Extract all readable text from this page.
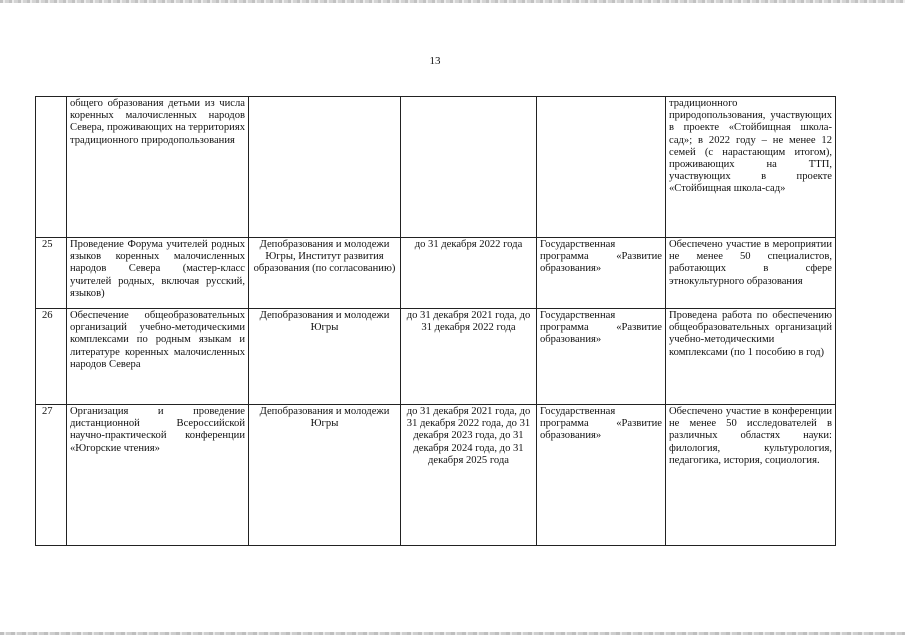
13
	общего образования детьми из числа коренных малочисленных народов Севера, проживающих на территориях традиционного природопользования				традиционного природопользования, участвующих в проекте «Стойбищная школа-сад»; в 2022 году – не менее 12 семей (с нарастающим итогом), проживающих на ТТП, участвующих в проекте «Стойбищная школа-сад»
25	Проведение Форума учителей родных языков коренных малочисленных народов Севера (мастер-класс учителей родных, включая русский, языков)	Депобразования и молодежи Югры, Институт развития образования (по согласованию)	до 31 декабря 2022 года	Государственная программа «Развитие образования»	Обеспечено участие в мероприятии не менее 50 специалистов, работающих в сфере этнокультурного образования
26	Обеспечение общеобразовательных организаций учебно-методическими комплексами по родным языкам и литературе коренных малочисленных народов Севера	Депобразования и молодежи Югры	до 31 декабря 2021 года, до 31 декабря 2022 года	Государственная программа «Развитие образования»	Проведена работа по обеспечению общеобразовательных организаций учебно-методическими комплексами (по 1 пособию в год)
27	Организация и проведение дистанционной Всероссийской научно-практической конференции «Югорские чтения»	Депобразования и молодежи Югры	до 31 декабря 2021 года, до 31 декабря 2022 года, до 31 декабря 2023 года, до 31 декабря 2024 года, до 31 декабря 2025 года	Государственная программа «Развитие образования»	Обеспечено участие в конференции не менее 50 исследователей в различных областях науки: филология, культурология, педагогика, история, социология.
